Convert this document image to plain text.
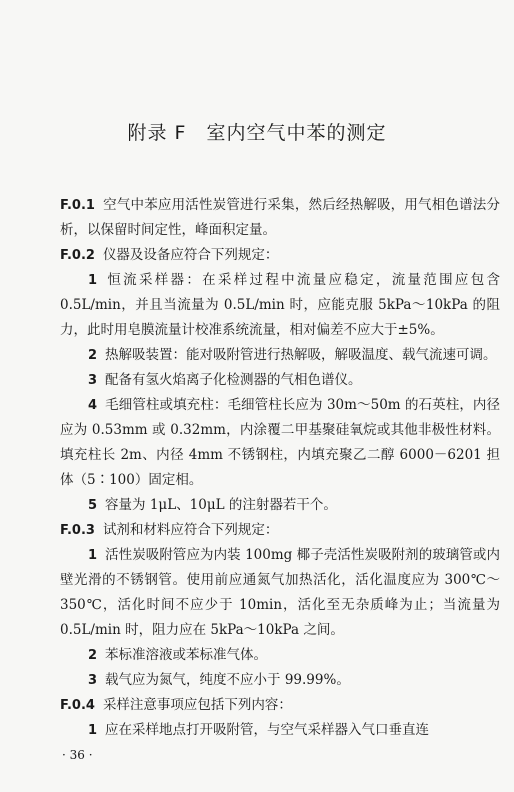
附录 F　室内空气中苯的测定

F.0.1 空气中苯应用活性炭管进行采集，然后经热解吸，用气相色谱法分析，以保留时间定性，峰面积定量。

F.0.2 仪器及设备应符合下列规定：

1 恒流采样器：在采样过程中流量应稳定，流量范围应包含0.5L/min，并且当流量为 0.5L/min 时，应能克服 5kPa～10kPa 的阻力，此时用皂膜流量计校准系统流量，相对偏差不应大于±5%。

2 热解吸装置：能对吸附管进行热解吸，解吸温度、载气流速可调。

3 配备有氢火焰离子化检测器的气相色谱仪。

4 毛细管柱或填充柱：毛细管柱长应为 30m～50m 的石英柱，内径应为 0.53mm 或 0.32mm，内涂覆二甲基聚硅氧烷或其他非极性材料。填充柱长 2m、内径 4mm 不锈钢柱，内填充聚乙二醇 6000－6201 担体（5∶100）固定相。

5 容量为 1μL、10μL 的注射器若干个。

F.0.3 试剂和材料应符合下列规定：

1 活性炭吸附管应为内装 100mg 椰子壳活性炭吸附剂的玻璃管或内壁光滑的不锈钢管。使用前应通氮气加热活化，活化温度应为 300℃～350℃，活化时间不应少于 10min，活化至无杂质峰为止；当流量为 0.5L/min 时，阻力应在 5kPa～10kPa 之间。

2 苯标准溶液或苯标准气体。

3 载气应为氮气，纯度不应小于 99.99%。

F.0.4 采样注意事项应包括下列内容：

1 应在采样地点打开吸附管，与空气采样器入气口垂直连

· 36 ·
